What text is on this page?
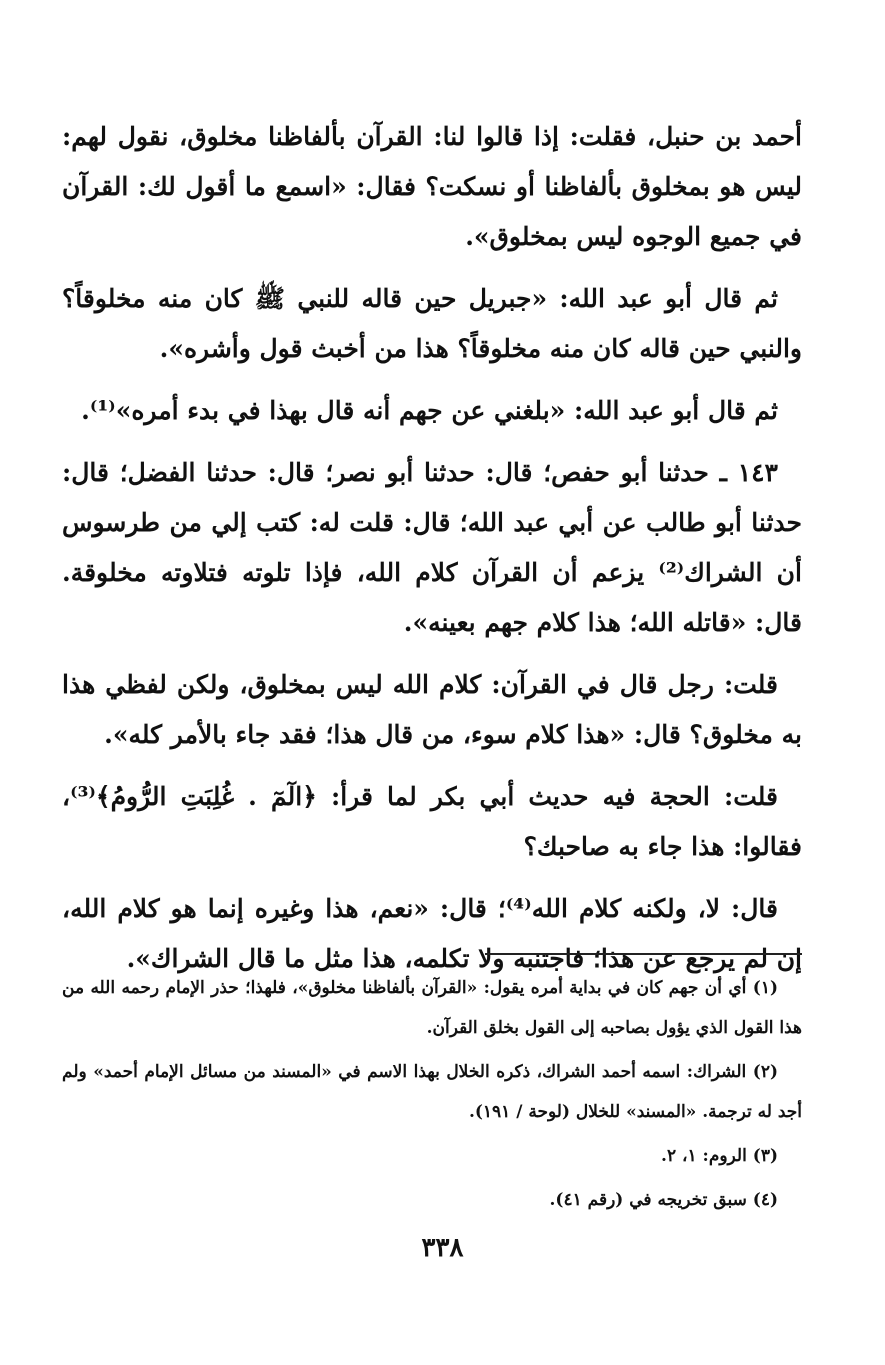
أحمد بن حنبل، فقلت: إذا قالوا لنا: القرآن بألفاظنا مخلوق، نقول لهم: ليس هو بمخلوق بألفاظنا أو نسكت؟ فقال: «اسمع ما أقول لك: القرآن في جميع الوجوه ليس بمخلوق».

ثم قال أبو عبد الله: «جبريل حين قاله للنبي ﷺ كان منه مخلوقاً؟ والنبي حين قاله كان منه مخلوقاً؟ هذا من أخبث قول وأشره».

ثم قال أبو عبد الله: «بلغني عن جهم أنه قال بهذا في بدء أمره»⁽¹⁾.

١٤٣ ـ حدثنا أبو حفص؛ قال: حدثنا أبو نصر؛ قال: حدثنا الفضل؛ قال: حدثنا أبو طالب عن أبي عبد الله؛ قال: قلت له: كتب إلي من طرسوس أن الشراك⁽²⁾ يزعم أن القرآن كلام الله، فإذا تلوته فتلاوته مخلوقة. قال: «قاتله الله؛ هذا كلام جهم بعينه».

قلت: رجل قال في القرآن: كلام الله ليس بمخلوق، ولكن لفظي هذا به مخلوق؟ قال: «هذا كلام سوء، من قال هذا؛ فقد جاء بالأمر كله».

قلت: الحجة فيه حديث أبي بكر لما قرأ: ﴿الٓمٓ . غُلِبَتِ الرُّومُ﴾⁽³⁾، فقالوا: هذا جاء به صاحبك؟

قال: لا، ولكنه كلام الله⁽⁴⁾؛ قال: «نعم، هذا وغيره إنما هو كلام الله، إن لم يرجع عن هذا؛ فاجتنبه ولا تكلمه، هذا مثل ما قال الشراك».

(١) أي أن جهم كان في بداية أمره يقول: «القرآن بألفاظنا مخلوق»، فلهذا؛ حذر الإمام رحمه الله من هذا القول الذي يؤول بصاحبه إلى القول بخلق القرآن.

(٢) الشراك: اسمه أحمد الشراك، ذكره الخلال بهذا الاسم في «المسند من مسائل الإمام أحمد» ولم أجد له ترجمة. «المسند» للخلال (لوحة / ١٩١).

(٣) الروم: ١، ٢.

(٤) سبق تخريجه في (رقم ٤١).

٣٣٨
